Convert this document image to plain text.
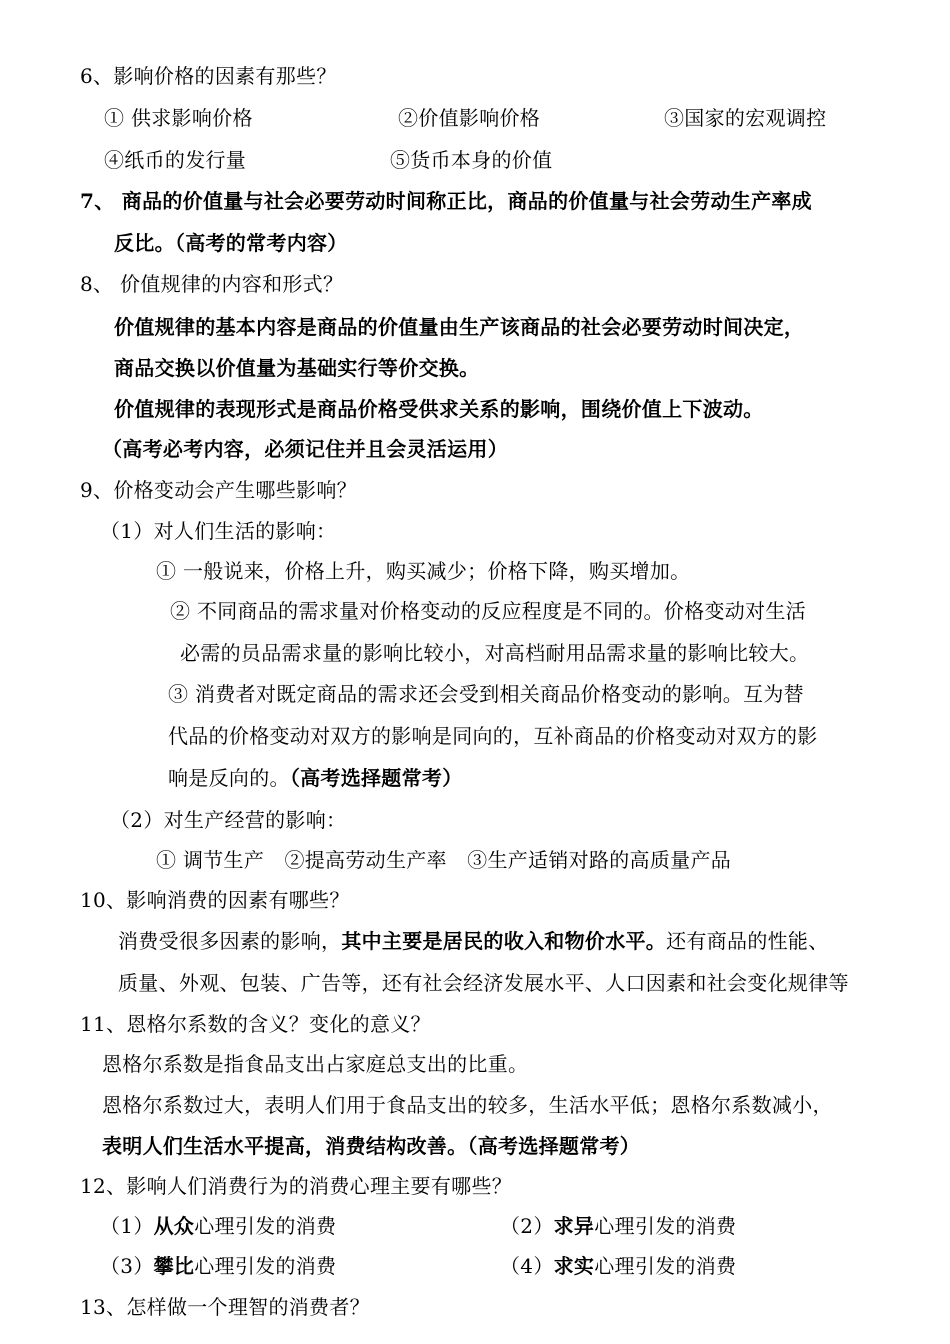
6、影响价格的因素有那些？
① 供求影响价格	②价值影响价格	③国家的宏观调控
④纸币的发行量	⑤货币本身的价值
7、 商品的价值量与社会必要劳动时间称正比，商品的价值量与社会劳动生产率成
反比。（高考的常考内容）
8、 价值规律的内容和形式？
价值规律的基本内容是商品的价值量由生产该商品的社会必要劳动时间决定，
商品交换以价值量为基础实行等价交换。
价值规律的表现形式是商品价格受供求关系的影响，围绕价值上下波动。
（高考必考内容，必须记住并且会灵活运用）
9、价格变动会产生哪些影响？
（1）对人们生活的影响：
① 一般说来，价格上升，购买减少；价格下降，购买增加。
② 不同商品的需求量对价格变动的反应程度是不同的。价格变动对生活
必需的员品需求量的影响比较小，对高档耐用品需求量的影响比较大。
③ 消费者对既定商品的需求还会受到相关商品价格变动的影响。互为替
代品的价格变动对双方的影响是同向的，互补商品的价格变动对双方的影
响是反向的。（高考选择题常考）
（2）对生产经营的影响：
① 调节生产　②提高劳动生产率　③生产适销对路的高质量产品
10、影响消费的因素有哪些？
消费受很多因素的影响，其中主要是居民的收入和物价水平。还有商品的性能、
质量、外观、包装、广告等，还有社会经济发展水平、人口因素和社会变化规律等
11、恩格尔系数的含义？变化的意义？
恩格尔系数是指食品支出占家庭总支出的比重。
恩格尔系数过大，表明人们用于食品支出的较多，生活水平低；恩格尔系数减小，
表明人们生活水平提高，消费结构改善。（高考选择题常考）
12、影响人们消费行为的消费心理主要有哪些？
（1）从众心理引发的消费	（2）求异心理引发的消费
（3）攀比心理引发的消费	（4）求实心理引发的消费
13、怎样做一个理智的消费者？
